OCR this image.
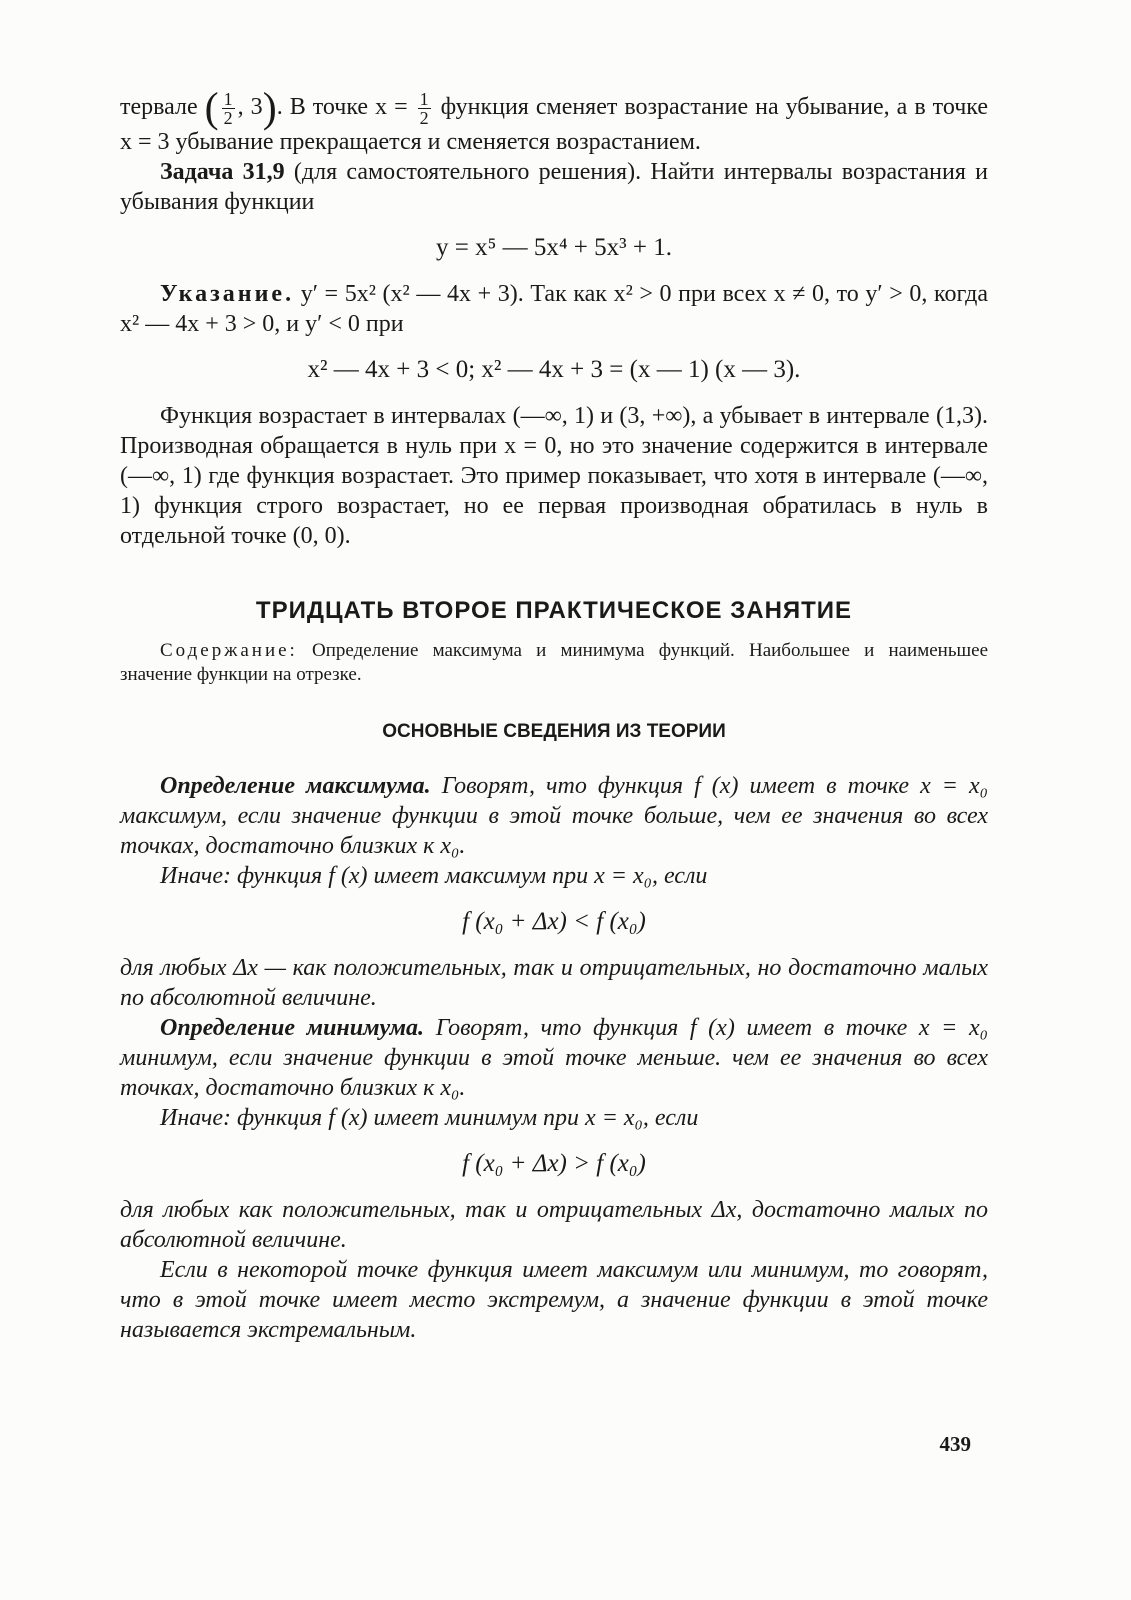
тервале ( $\frac{1}{2}$ , 3). В точке $x = \frac{1}{2}$ функция сменяет возрастание на убывание, а в точке x = 3 убывание прекращается и сменяется возрастанием.

Задача 31,9 (для самостоятельного решения). Найти интервалы возрастания и убывания функции

y = x⁵ — 5x⁴ + 5x³ + 1.

Указание. y′ = 5x² (x² — 4x + 3). Так как x² > 0 при всех x ≠ 0, то y′ > 0, когда x² — 4x + 3 > 0, и y′ < 0 при

x² — 4x + 3 < 0; x² — 4x + 3 = (x — 1) (x — 3).

Функция возрастает в интервалах (—∞, 1) и (3, +∞), а убывает в интервале (1,3). Производная обращается в нуль при x = 0, но это значение содержится в интервале (—∞, 1) где функция возрастает. Это пример показывает, что хотя в интервале (—∞, 1) функция строго возрастает, но ее первая производная обратилась в нуль в отдельной точке (0, 0).

ТРИДЦАТЬ ВТОРОЕ ПРАКТИЧЕСКОЕ ЗАНЯТИЕ

Содержание: Определение максимума и минимума функций. Наибольшее и наименьшее значение функции на отрезке.

ОСНОВНЫЕ СВЕДЕНИЯ ИЗ ТЕОРИИ

Определение максимума. Говорят, что функция f (x) имеет в точке x = x₀ максимум, если значение функции в этой точке больше, чем ее значения во всех точках, достаточно близких к x₀.

Иначе: функция f (x) имеет максимум при x = x₀, если

f (x₀ + Δx) < f (x₀)

для любых Δx — как положительных, так и отрицательных, но достаточно малых по абсолютной величине.

Определение минимума. Говорят, что функция f (x) имеет в точке x = x₀ минимум, если значение функции в этой точке меньше. чем ее значения во всех точках, достаточно близких к x₀.

Иначе: функция f (x) имеет минимум при x = x₀, если

f (x₀ + Δx) > f (x₀)

для любых как положительных, так и отрицательных Δx, достаточно малых по абсолютной величине.

Если в некоторой точке функция имеет максимум или минимум, то говорят, что в этой точке имеет место экстремум, а значение функции в этой точке называется экстремальным.

439
